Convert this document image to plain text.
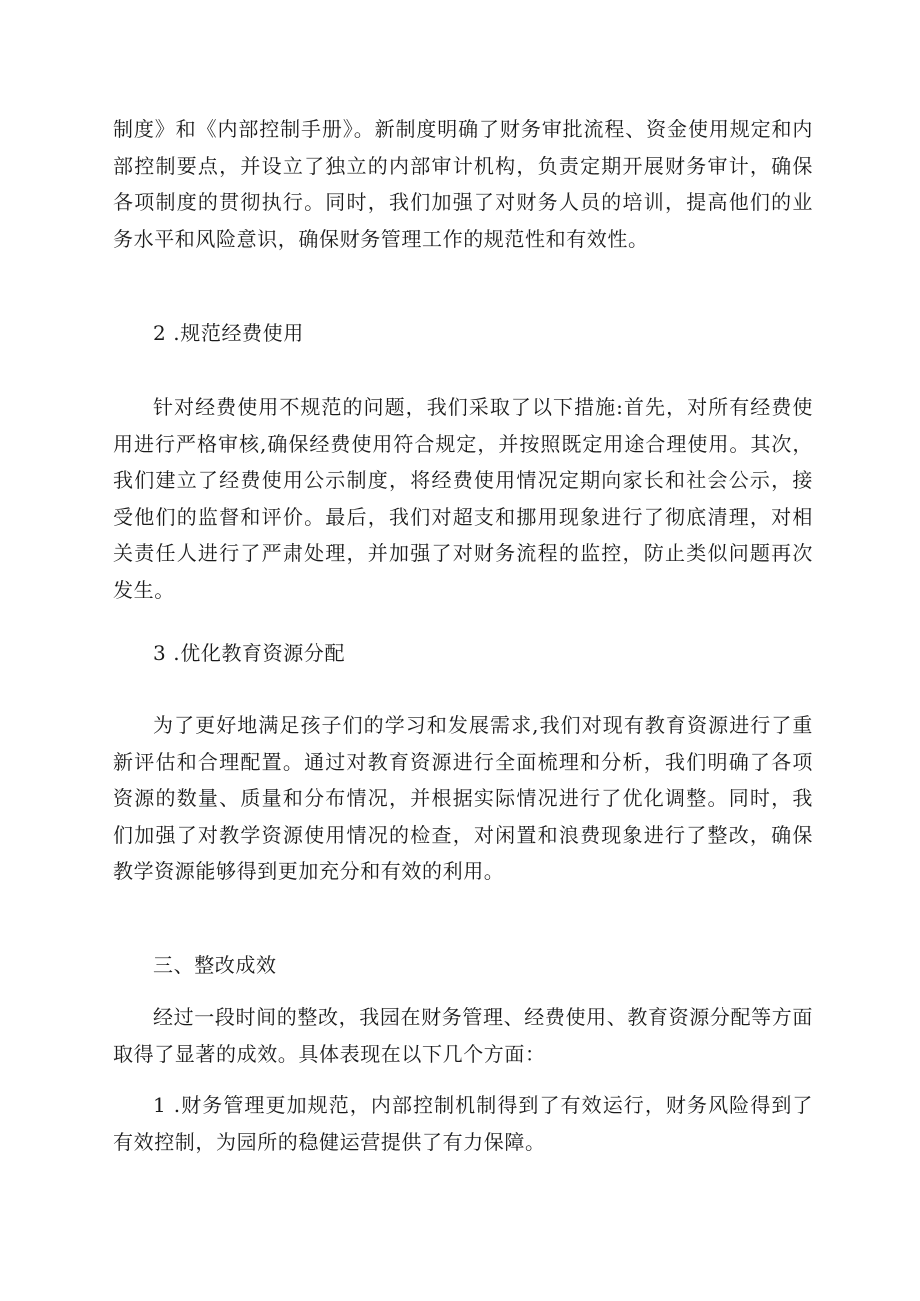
制度》和《内部控制手册》。新制度明确了财务审批流程、资金使用规定和内部控制要点，并设立了独立的内部审计机构，负责定期开展财务审计，确保各项制度的贯彻执行。同时，我们加强了对财务人员的培训，提高他们的业务水平和风险意识，确保财务管理工作的规范性和有效性。

2 .规范经费使用

针对经费使用不规范的问题，我们采取了以下措施:首先，对所有经费使用进行严格审核,确保经费使用符合规定，并按照既定用途合理使用。其次，我们建立了经费使用公示制度，将经费使用情况定期向家长和社会公示，接受他们的监督和评价。最后，我们对超支和挪用现象进行了彻底清理，对相关责任人进行了严肃处理，并加强了对财务流程的监控，防止类似问题再次发生。

3 .优化教育资源分配

为了更好地满足孩子们的学习和发展需求,我们对现有教育资源进行了重新评估和合理配置。通过对教育资源进行全面梳理和分析，我们明确了各项资源的数量、质量和分布情况，并根据实际情况进行了优化调整。同时，我们加强了对教学资源使用情况的检查，对闲置和浪费现象进行了整改，确保教学资源能够得到更加充分和有效的利用。

三、整改成效

经过一段时间的整改，我园在财务管理、经费使用、教育资源分配等方面取得了显著的成效。具体表现在以下几个方面：

1 .财务管理更加规范，内部控制机制得到了有效运行，财务风险得到了有效控制，为园所的稳健运营提供了有力保障。
